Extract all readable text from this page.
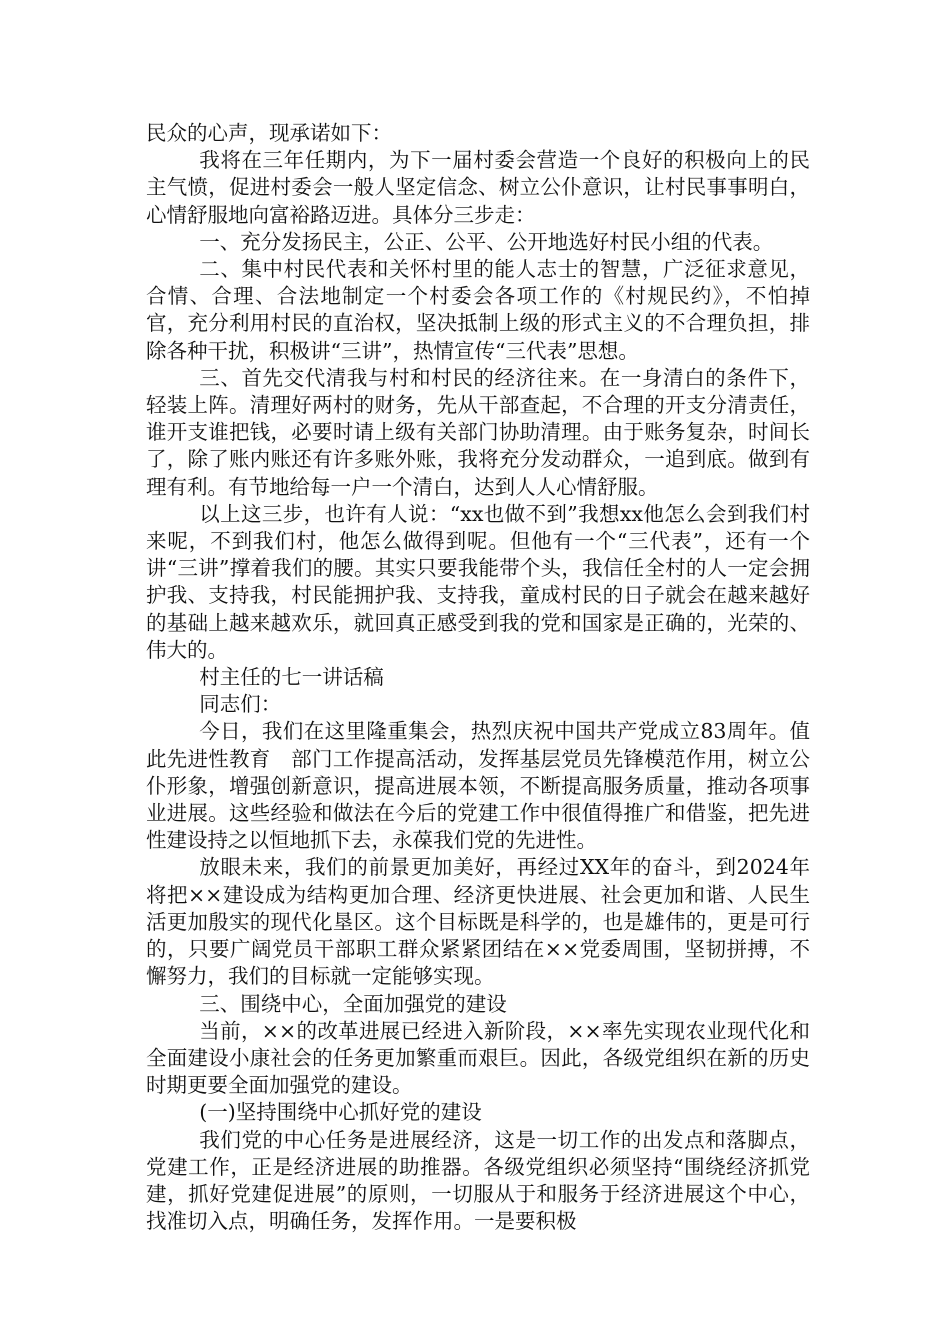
民众的心声，现承诺如下：

我将在三年任期内，为下一届村委会营造一个良好的积极向上的民主气愤，促进村委会一般人坚定信念、树立公仆意识，让村民事事明白，心情舒服地向富裕路迈进。具体分三步走：

一、充分发扬民主，公正、公平、公开地选好村民小组的代表。

二、集中村民代表和关怀村里的能人志士的智慧，广泛征求意见，合情、合理、合法地制定一个村委会各项工作的《村规民约》，不怕掉官，充分利用村民的直治权，坚决抵制上级的形式主义的不合理负担，排除各种干扰，积极讲“三讲”，热情宣传“三代表”思想。

三、首先交代清我与村和村民的经济往来。在一身清白的条件下，轻装上阵。清理好两村的财务，先从干部查起，不合理的开支分清责任，谁开支谁把钱，必要时请上级有关部门协助清理。由于账务复杂，时间长了，除了账内账还有许多账外账，我将充分发动群众，一追到底。做到有理有利。有节地给每一户一个清白，达到人人心情舒服。

以上这三步，也许有人说：“xx也做不到”我想xx他怎么会到我们村来呢，不到我们村，他怎么做得到呢。但他有一个“三代表”，还有一个讲“三讲”撑着我们的腰。其实只要我能带个头，我信任全村的人一定会拥护我、支持我，村民能拥护我、支持我，童成村民的日子就会在越来越好的基础上越来越欢乐，就回真正感受到我的党和国家是正确的，光荣的、伟大的。

村主任的七一讲话稿

同志们：

今日，我们在这里隆重集会，热烈庆祝中国共产党成立83周年。值此先进性教育　部门工作提高活动，发挥基层党员先锋模范作用，树立公仆形象，增强创新意识，提高进展本领，不断提高服务质量，推动各项事业进展。这些经验和做法在今后的党建工作中很值得推广和借鉴，把先进性建设持之以恒地抓下去，永葆我们党的先进性。

放眼未来，我们的前景更加美好，再经过XX年的奋斗，到2024年将把××建设成为结构更加合理、经济更快进展、社会更加和谐、人民生活更加殷实的现代化垦区。这个目标既是科学的，也是雄伟的，更是可行的，只要广阔党员干部职工群众紧紧团结在××党委周围，坚韧拼搏，不懈努力，我们的目标就一定能够实现。

三、围绕中心，全面加强党的建设

当前，××的改革进展已经进入新阶段，××率先实现农业现代化和全面建设小康社会的任务更加繁重而艰巨。因此，各级党组织在新的历史时期更要全面加强党的建设。

(一)坚持围绕中心抓好党的建设

我们党的中心任务是进展经济，这是一切工作的出发点和落脚点，党建工作，正是经济进展的助推器。各级党组织必须坚持“围绕经济抓党建，抓好党建促进展”的原则，一切服从于和服务于经济进展这个中心，找准切入点，明确任务，发挥作用。一是要积极
